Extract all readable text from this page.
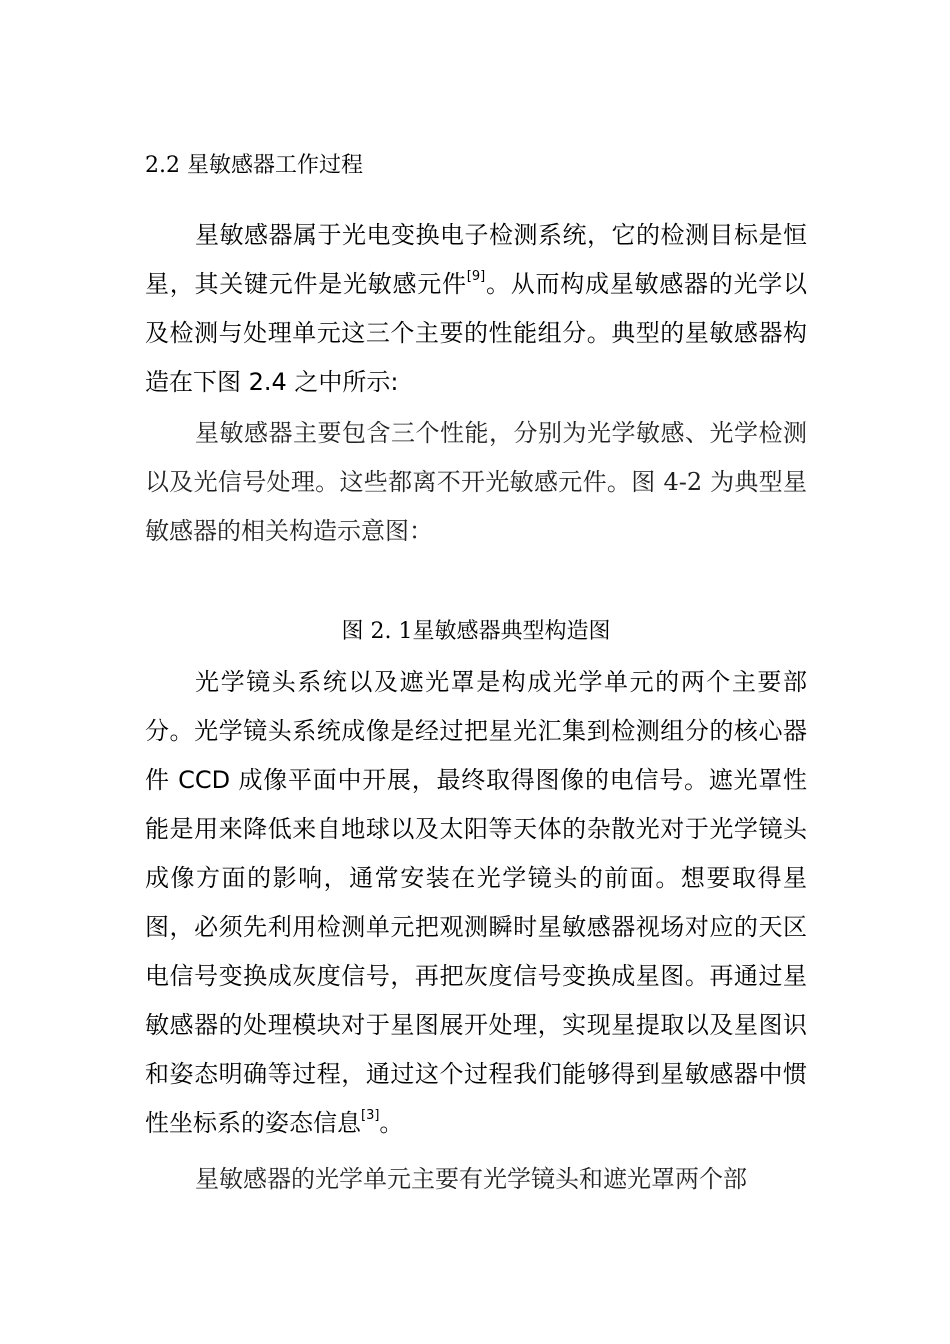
2.2 星敏感器工作过程

星敏感器属于光电变换电子检测系统，它的检测目标是恒星，其关键元件是光敏感元件[9]。从而构成星敏感器的光学以及检测与处理单元这三个主要的性能组分。典型的星敏感器构造在下图 2.4 之中所示:

星敏感器主要包含三个性能，分别为光学敏感、光学检测以及光信号处理。这些都离不开光敏感元件。图 4-2 为典型星敏感器的相关构造示意图：

图 2. 1星敏感器典型构造图

光学镜头系统以及遮光罩是构成光学单元的两个主要部分。光学镜头系统成像是经过把星光汇集到检测组分的核心器件 CCD 成像平面中开展，最终取得图像的电信号。遮光罩性能是用来降低来自地球以及太阳等天体的杂散光对于光学镜头成像方面的影响，通常安装在光学镜头的前面。想要取得星图，必须先利用检测单元把观测瞬时星敏感器视场对应的天区电信号变换成灰度信号，再把灰度信号变换成星图。再通过星敏感器的处理模块对于星图展开处理，实现星提取以及星图识和姿态明确等过程，通过这个过程我们能够得到星敏感器中惯性坐标系的姿态信息[3]。

星敏感器的光学单元主要有光学镜头和遮光罩两个部
